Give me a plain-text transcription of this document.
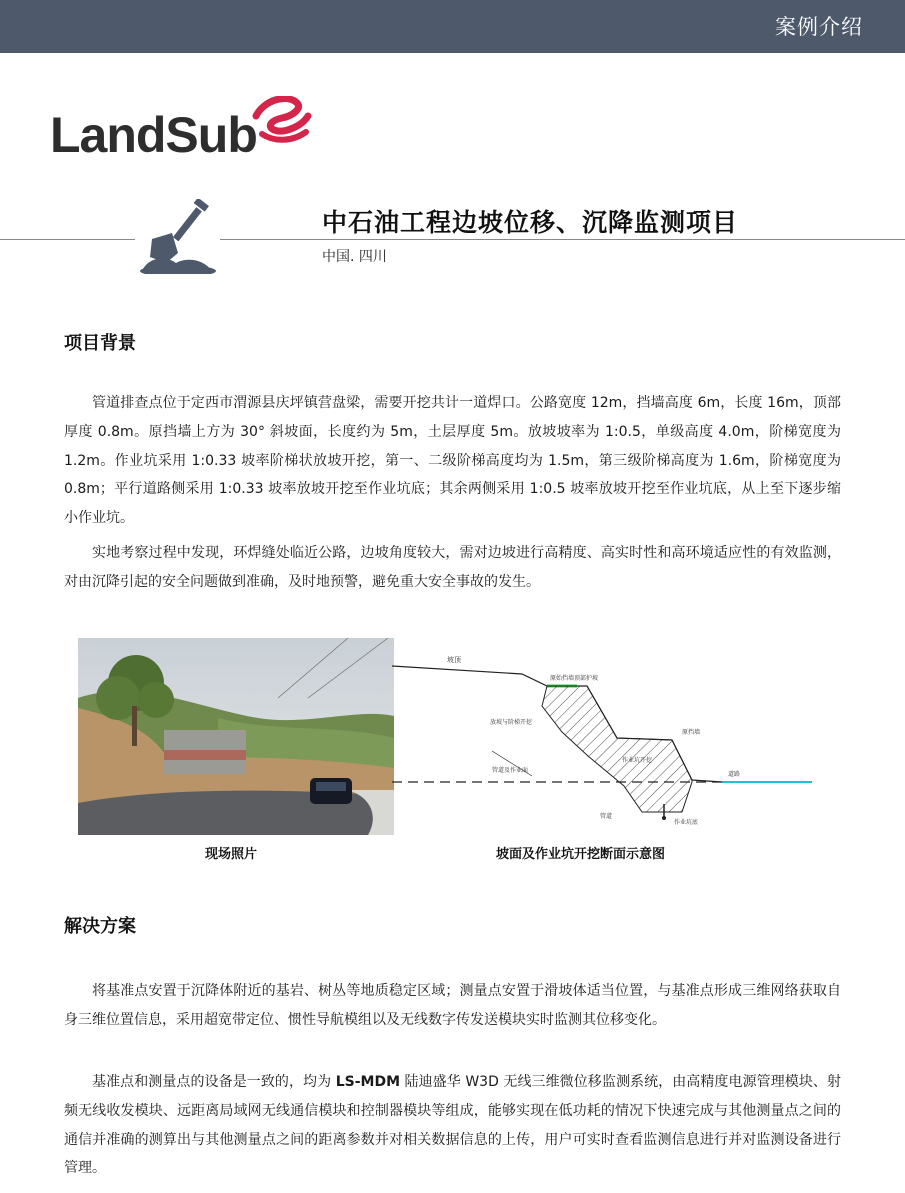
案例介绍
LandSub
中石油工程边坡位移、沉降监测项目
中国. 四川
项目背景

管道排查点位于定西市渭源县庆坪镇营盘梁，需要开挖共计一道焊口。公路宽度 12m，挡墙高度 6m，长度 16m，顶部厚度 0.8m。原挡墙上方为 30° 斜坡面，长度约为 5m，土层厚度 5m。放坡坡率为 1:0.5，单级高度 4.0m，阶梯宽度为 1.2m。作业坑采用 1:0.33 坡率阶梯状放坡开挖，第一、二级阶梯高度均为 1.5m，第三级阶梯高度为 1.6m，阶梯宽度为 0.8m；平行道路侧采用 1:0.33 坡率放坡开挖至作业坑底；其余两侧采用 1:0.5 坡率放坡开挖至作业坑底，从上至下逐步缩小作业坑。

实地考察过程中发现，环焊缝处临近公路，边坡角度较大，需对边坡进行高精度、高实时性和高环境适应性的有效监测，对由沉降引起的安全问题做到准确，及时地预警，避免重大安全事故的发生。

坡顶
原始挡墙顶部护坡
放坡与阶梯开挖
原挡墙
作业坑开挖
管道及作业面
道路
管道
作业坑底
现场照片	坡面及作业坑开挖断面示意图
解决方案

将基准点安置于沉降体附近的基岩、树丛等地质稳定区域；测量点安置于滑坡体适当位置，与基准点形成三维网络获取自身三维位置信息，采用超宽带定位、惯性导航模组以及无线数字传发送模块实时监测其位移变化。

基准点和测量点的设备是一致的，均为 LS-MDM 陆迪盛华 W3D 无线三维微位移监测系统，由高精度电源管理模块、射频无线收发模块、远距离局域网无线通信模块和控制器模块等组成，能够实现在低功耗的情况下快速完成与其他测量点之间的通信并准确的测算出与其他测量点之间的距离参数并对相关数据信息的上传，用户可实时查看监测信息进行并对监测设备进行管理。
